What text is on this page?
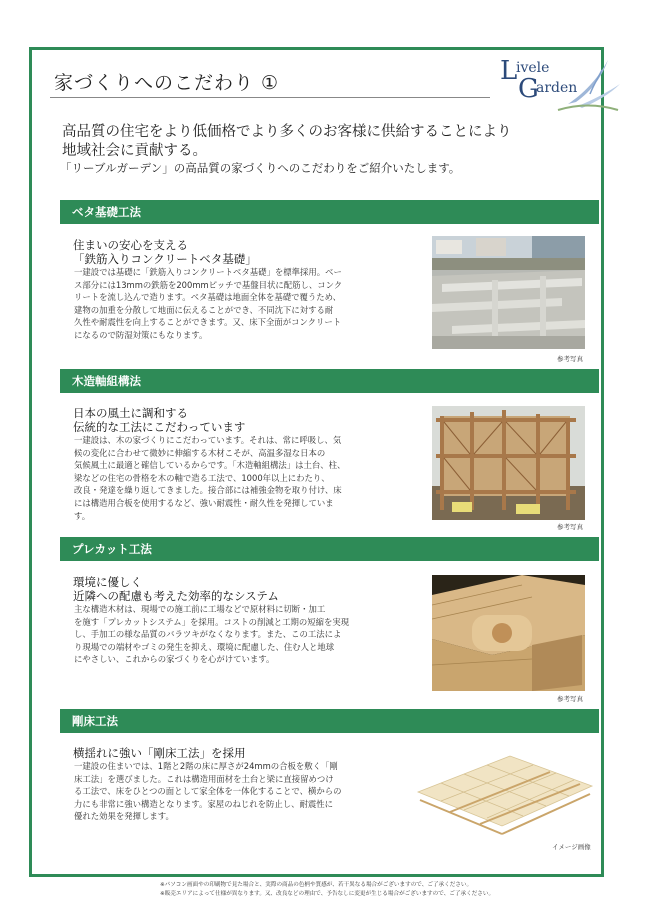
家づくりへのこだわり ①	L
ivele
G
arden
高品質の住宅をより低価格でより多くのお客様に供給することにより
地域社会に貢献する。
「リーブルガーデン」の高品質の家づくりへのこだわりをご紹介いたします。
ベタ基礎工法
住まいの安心を支える
「鉄筋入りコンクリートベタ基礎」
一建設では基礎に「鉄筋入りコンクリートベタ基礎」を標準採用。ベー
ス部分には13mmの鉄筋を200mmピッチで基盤目状に配筋し、コンク
リートを流し込んで造ります。ベタ基礎は地面全体を基礎で覆うため、
建物の加重を分散して地面に伝えることができ、不同沈下に対する耐
久性や耐震性を向上することができます。又、床下全面がコンクリート
になるので防湿対策にもなります。
参考写真
木造軸組構法
日本の風土に調和する
伝統的な工法にこだわっています
一建設は、木の家づくりにこだわっています。それは、常に呼吸し、気
候の変化に合わせて微妙に伸縮する木材こそが、高温多湿な日本の
気候風土に最適と確信しているからです。「木造軸組構法」は土台、柱、
梁などの住宅の骨格を木の軸で造る工法で、1000年以上にわたり、
改良・発達を繰り返してきました。接合部には補強金物を取り付け、床
には構造用合板を使用するなど、強い耐震性・耐久性を発揮していま
す。
参考写真
プレカット工法
環境に優しく
近隣への配慮も考えた効率的なシステム
主な構造木材は、現場での施工前に工場などで原材料に切断・加工
を施す「プレカットシステム」を採用。コストの削減と工期の短縮を実現
し、手加工の様な品質のバラツキがなくなります。また、この工法によ
り現場での端材やゴミの発生を抑え、環境に配慮した、住む人と地球
にやさしい、これからの家づくりを心がけています。
参考写真
剛床工法
横揺れに強い「剛床工法」を採用
一建設の住まいでは、1階と2階の床に厚さが24mmの合板を敷く「剛
床工法」を選びました。これは構造用面材を土台と梁に直接留めつけ
る工法で、床をひとつの面として家全体を一体化することで、横からの
力にも非常に強い構造となります。家屋のねじれを防止し、耐震性に
優れた効果を発揮します。
イメージ画像
※パソコン画面やの印刷物で見た場合と、実際の商品の色柄や質感が、若干異なる場合がございますので、ご了承ください。
※販売エリアによって仕様が異なります。又、改良などの理由で、予告なしに変更が生じる場合がございますので、ご了承ください。
